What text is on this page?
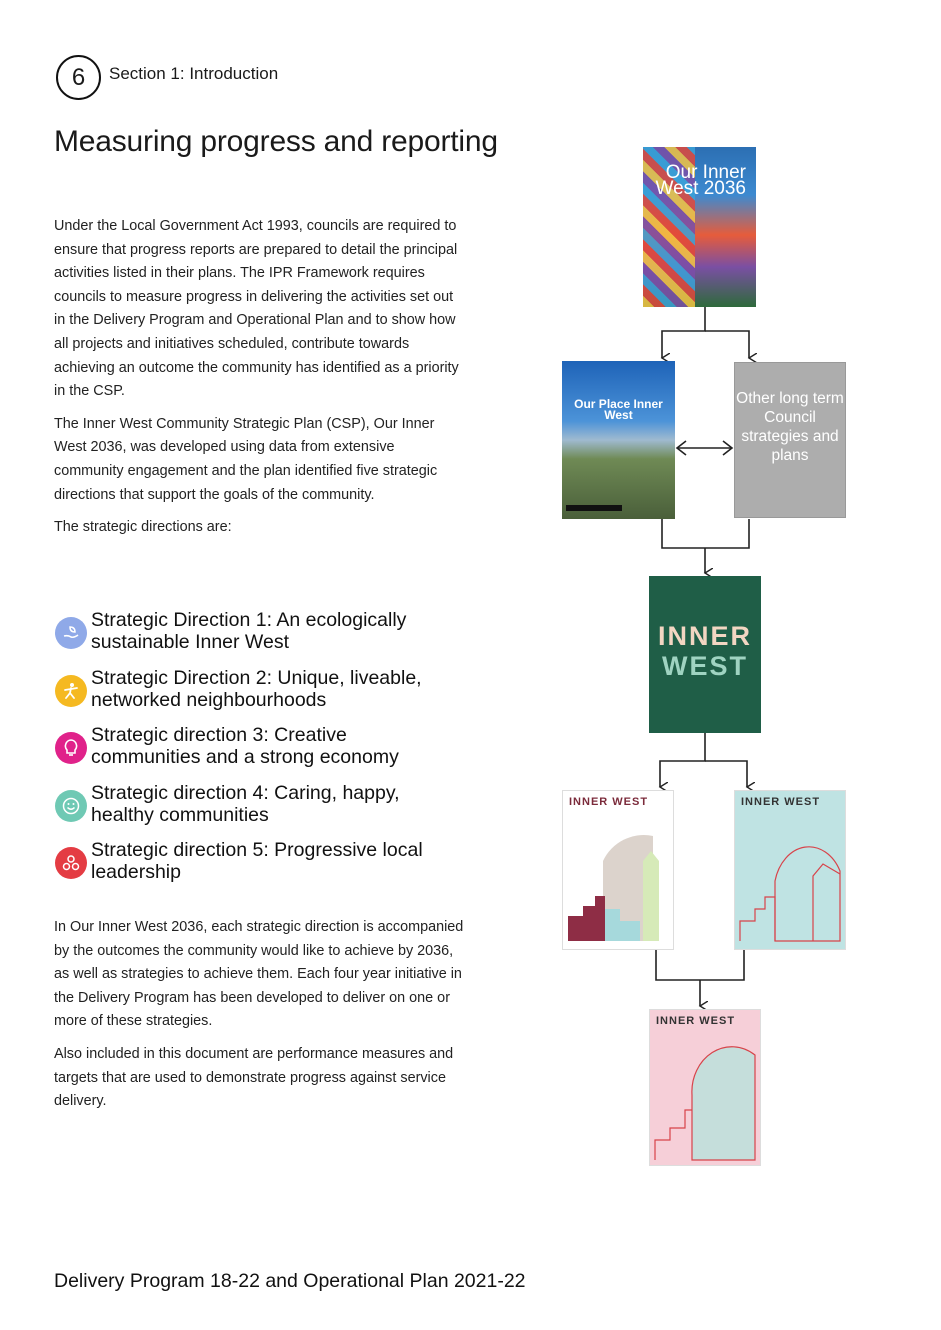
6 Section 1: Introduction
Measuring progress and reporting

Under the Local Government Act 1993, councils are required to ensure that progress reports are prepared to detail the principal activities listed in their plans. The IPR Framework requires councils to measure progress in delivering the activities set out in the Delivery Program and Operational Plan and to show how all projects and initiatives scheduled, contribute towards achieving an outcome the community has identified as a priority in the CSP.

The Inner West Community Strategic Plan (CSP), Our Inner West 2036, was developed using data from extensive community engagement and the plan identified five strategic directions that support the goals of the community.

The strategic directions are:

Strategic Direction 1: An ecologically sustainable Inner West
Strategic Direction 2: Unique, liveable, networked neighbourhoods
Strategic direction 3: Creative communities and a strong economy
Strategic direction 4: Caring, happy, healthy communities
Strategic direction 5: Progressive local leadership

In Our Inner West 2036, each strategic direction is accompanied by the outcomes the community would like to achieve by 2036, as well as strategies to achieve them. Each four year initiative in the Delivery Program has been developed to deliver on one or more of these strategies.

Also included in this document are performance measures and targets that are used to demonstrate progress against service delivery.

Our Inner West 2036
Our Place Inner West
Other long term Council strategies and plans
INNER
WEST
INNER WEST	INNER WEST
INNER WEST
Delivery Program 18-22 and Operational Plan 2021-22
